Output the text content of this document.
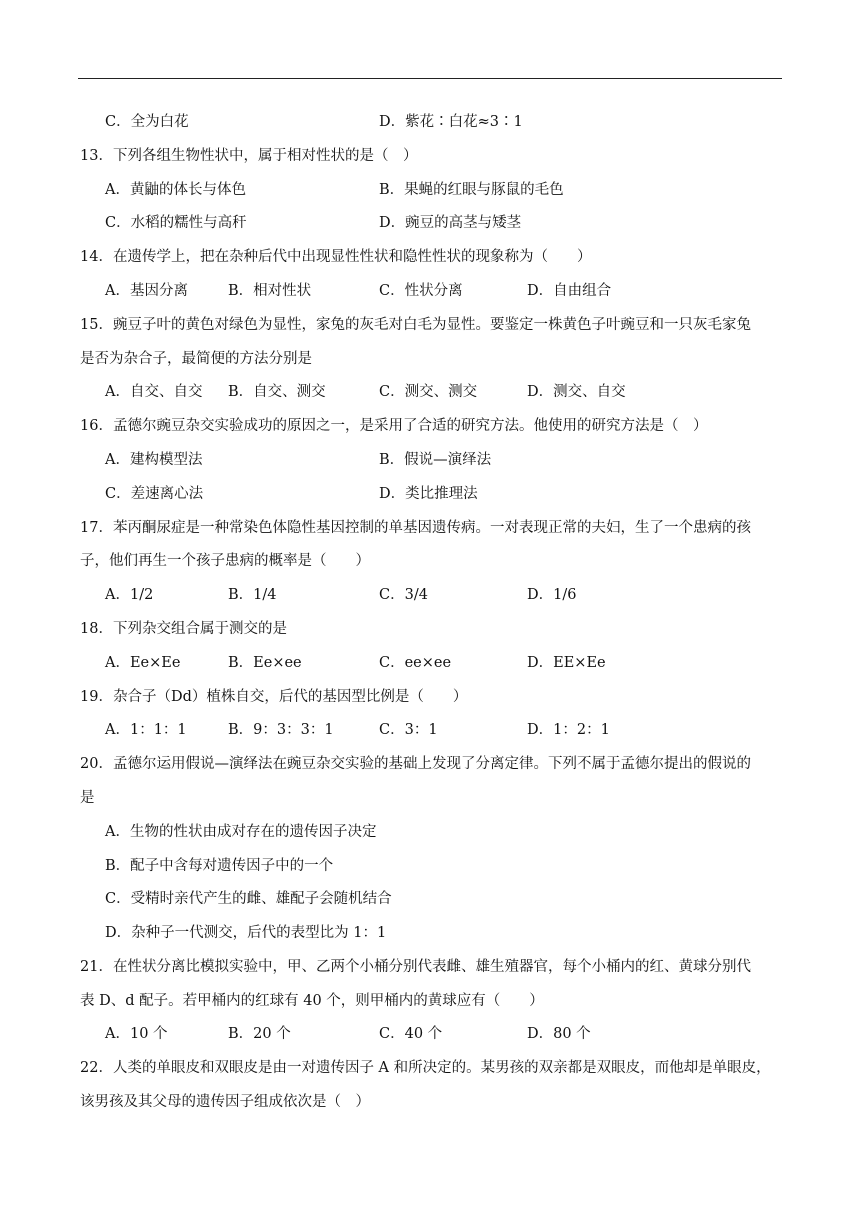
C．全为白花	D．紫花∶白花≈3∶1
13．下列各组生物性状中，属于相对性状的是（　）
A．黄鼬的体长与体色	B．果蝇的红眼与豚鼠的毛色
C．水稻的糯性与高秆	D．豌豆的高茎与矮茎
14．在遗传学上，把在杂种后代中出现显性性状和隐性性状的现象称为（　　）
A．基因分离	B．相对性状	C．性状分离	D．自由组合
15．豌豆子叶的黄色对绿色为显性，家兔的灰毛对白毛为显性。要鉴定一株黄色子叶豌豆和一只灰毛家兔
是否为杂合子，最简便的方法分别是
A．自交、自交 B．自交、测交	C．测交、测交	D．测交、自交
16．孟德尔豌豆杂交实验成功的原因之一，是采用了合适的研究方法。他使用的研究方法是（　）
A．建构模型法	B．假说—演绎法
C．差速离心法	D．类比推理法
17．苯丙酮尿症是一种常染色体隐性基因控制的单基因遗传病。一对表现正常的夫妇，生了一个患病的孩
子，他们再生一个孩子患病的概率是（　　）
A．1/2	B．1/4	C．3/4	D．1/6
18．下列杂交组合属于测交的是
A．Ee×Ee	B．Ee×ee	C．ee×ee	D．EE×Ee
19．杂合子（Dd）植株自交，后代的基因型比例是（　　）
A．1：1：1	B．9：3：3：1	C．3：1	D．1：2：1
20．孟德尔运用假说—演绎法在豌豆杂交实验的基础上发现了分离定律。下列不属于孟德尔提出的假说的
是
A．生物的性状由成对存在的遗传因子决定
B．配子中含每对遗传因子中的一个
C．受精时亲代产生的雌、雄配子会随机结合
D．杂种子一代测交，后代的表型比为 1：1
21．在性状分离比模拟实验中，甲、乙两个小桶分别代表雌、雄生殖器官，每个小桶内的红、黄球分别代
表 D、d 配子。若甲桶内的红球有 40 个，则甲桶内的黄球应有（　　）
A．10 个	B．20 个	C．40 个	D．80 个
22．人类的单眼皮和双眼皮是由一对遗传因子 A 和所决定的。某男孩的双亲都是双眼皮，而他却是单眼皮，
该男孩及其父母的遗传因子组成依次是（　）
